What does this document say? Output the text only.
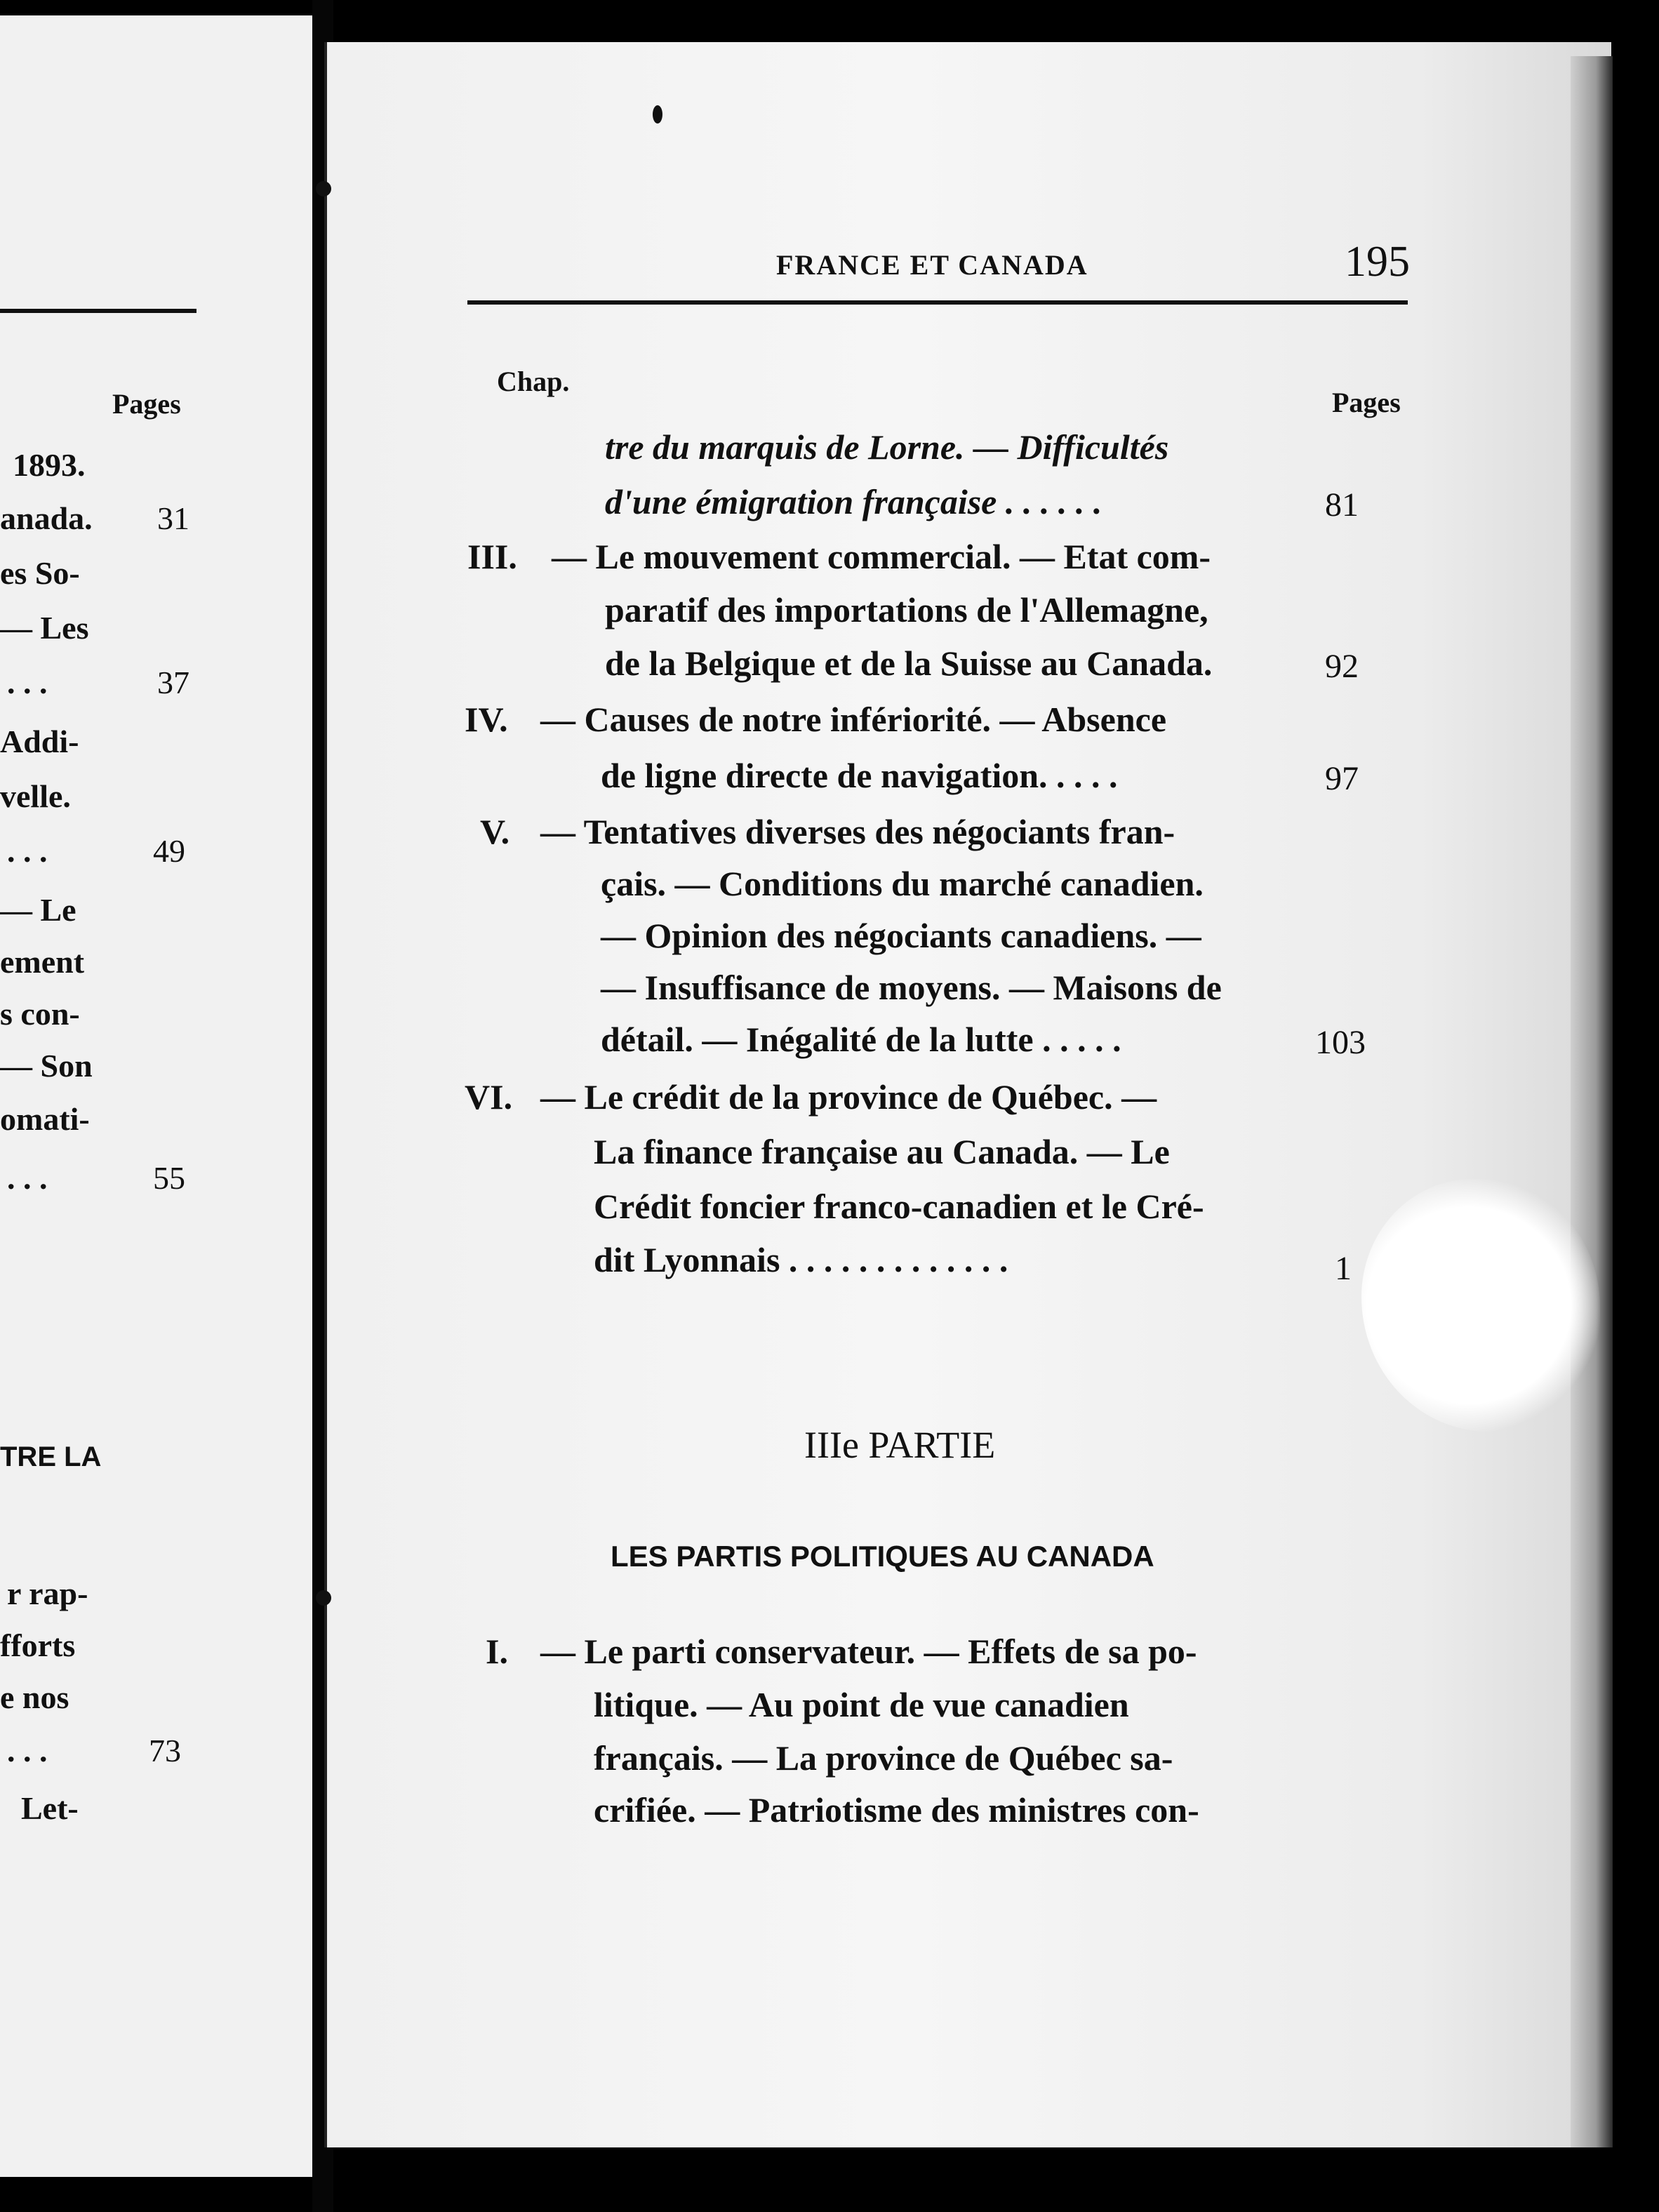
Pages
1893.
anada. 31
es So-
— Les
. . .	37
Addi-
velle.
. . .	49
— Le
ement
s con-
— Son
omati-
. . .	55
TRE LA
r rap-
fforts
e nos
. . .	73
Let-
FRANCE ET CANADA	195
Chap.
Pages
tre du marquis de Lorne. — Difficultés
d'une émigration française . . . . . .	81
III. — Le mouvement commercial. — Etat com-
paratif des importations de l'Allemagne,
de la Belgique et de la Suisse au Canada.	92
IV. — Causes de notre infériorité. — Absence
de ligne directe de navigation. . . . .	97
V. — Tentatives diverses des négociants fran-
çais. — Conditions du marché canadien.
— Opinion des négociants canadiens. —
— Insuffisance de moyens. — Maisons de
détail. — Inégalité de la lutte . . . . .	103
VI. — Le crédit de la province de Québec. —
La finance française au Canada. — Le
Crédit foncier franco-canadien et le Cré-
dit Lyonnais . . . . . . . . . . . . .	1
IIIe PARTIE
LES PARTIS POLITIQUES AU CANADA
I. — Le parti conservateur. — Effets de sa po-
litique. — Au point de vue canadien
français. — La province de Québec sa-
crifiée. — Patriotisme des ministres con-
